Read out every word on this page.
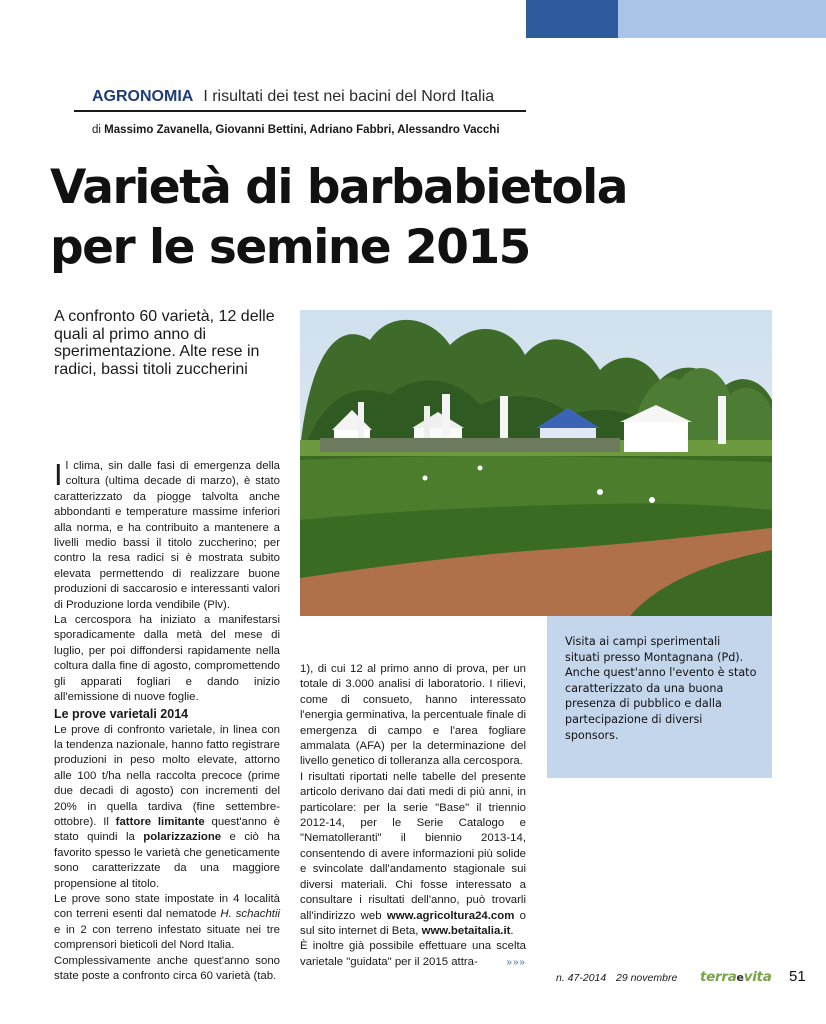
AGRONOMIA I risultati dei test nei bacini del Nord Italia
di Massimo Zavanella, Giovanni Bettini, Adriano Fabbri, Alessandro Vacchi
Varietà di barbabietola
per le semine 2015
A confronto 60 varietà, 12 delle quali al primo anno di sperimentazione. Alte rese in radici, bassi titoli zuccherini

Il clima, sin dalle fasi di emergenza della coltura (ultima decade di marzo), è stato caratterizzato da piogge talvolta anche abbondanti e temperature massime inferiori alla norma, e ha contribuito a mantenere a livelli medio bassi il titolo zuccherino; per contro la resa radici si è mostrata subito elevata permettendo di realizzare buone produzioni di saccarosio e interessanti valori di Produzione lorda vendibile (Plv).

La cercospora ha iniziato a manifestarsi sporadicamente dalla metà del mese di luglio, per poi diffondersi rapidamente nella coltura dalla fine di agosto, compromettendo gli apparati fogliari e dando inizio all'emissione di nuove foglie.

Le prove varietali 2014

Le prove di confronto varietale, in linea con la tendenza nazionale, hanno fatto registrare produzioni in peso molto elevate, attorno alle 100 t/ha nella raccolta precoce (prime due decadi di agosto) con incrementi del 20% in quella tardiva (fine settembre-ottobre). Il fattore limitante quest'anno è stato quindi la polarizzazione e ciò ha favorito spesso le varietà che geneticamente sono caratterizzate da una maggiore propensione al titolo.

Le prove sono state impostate in 4 località con terreni esenti dal nematode H. schachtii e in 2 con terreno infestato situate nei tre comprensori bieticoli del Nord Italia.

Complessivamente anche quest'anno sono state poste a confronto circa 60 varietà (tab.

Visita ai campi sperimentali situati presso Montagnana (Pd). Anche quest'anno l'evento è stato caratterizzato da una buona presenza di pubblico e dalla partecipazione di diversi sponsors.

1), di cui 12 al primo anno di prova, per un totale di 3.000 analisi di laboratorio. I rilievi, come di consueto, hanno interessato l'energia germinativa, la percentuale finale di emergenza di campo e l'area fogliare ammalata (AFA) per la determinazione del livello genetico di tolleranza alla cercospora.

I risultati riportati nelle tabelle del presente articolo derivano dai dati medi di più anni, in particolare: per la serie "Base" il triennio 2012-14, per le Serie Catalogo e "Nematolleranti" il biennio 2013-14, consentendo di avere informazioni più solide e svincolate dall'andamento stagionale sui diversi materiali. Chi fosse interessato a consultare i risultati dell'anno, può trovarli all'indirizzo web www.agricoltura24.com o sul sito internet di Beta, www.betaitalia.it.

È inoltre già possibile effettuare una scelta varietale "guidata" per il 2015 attra-	»»»

n. 47-2014 29 novembre terraevita 51
